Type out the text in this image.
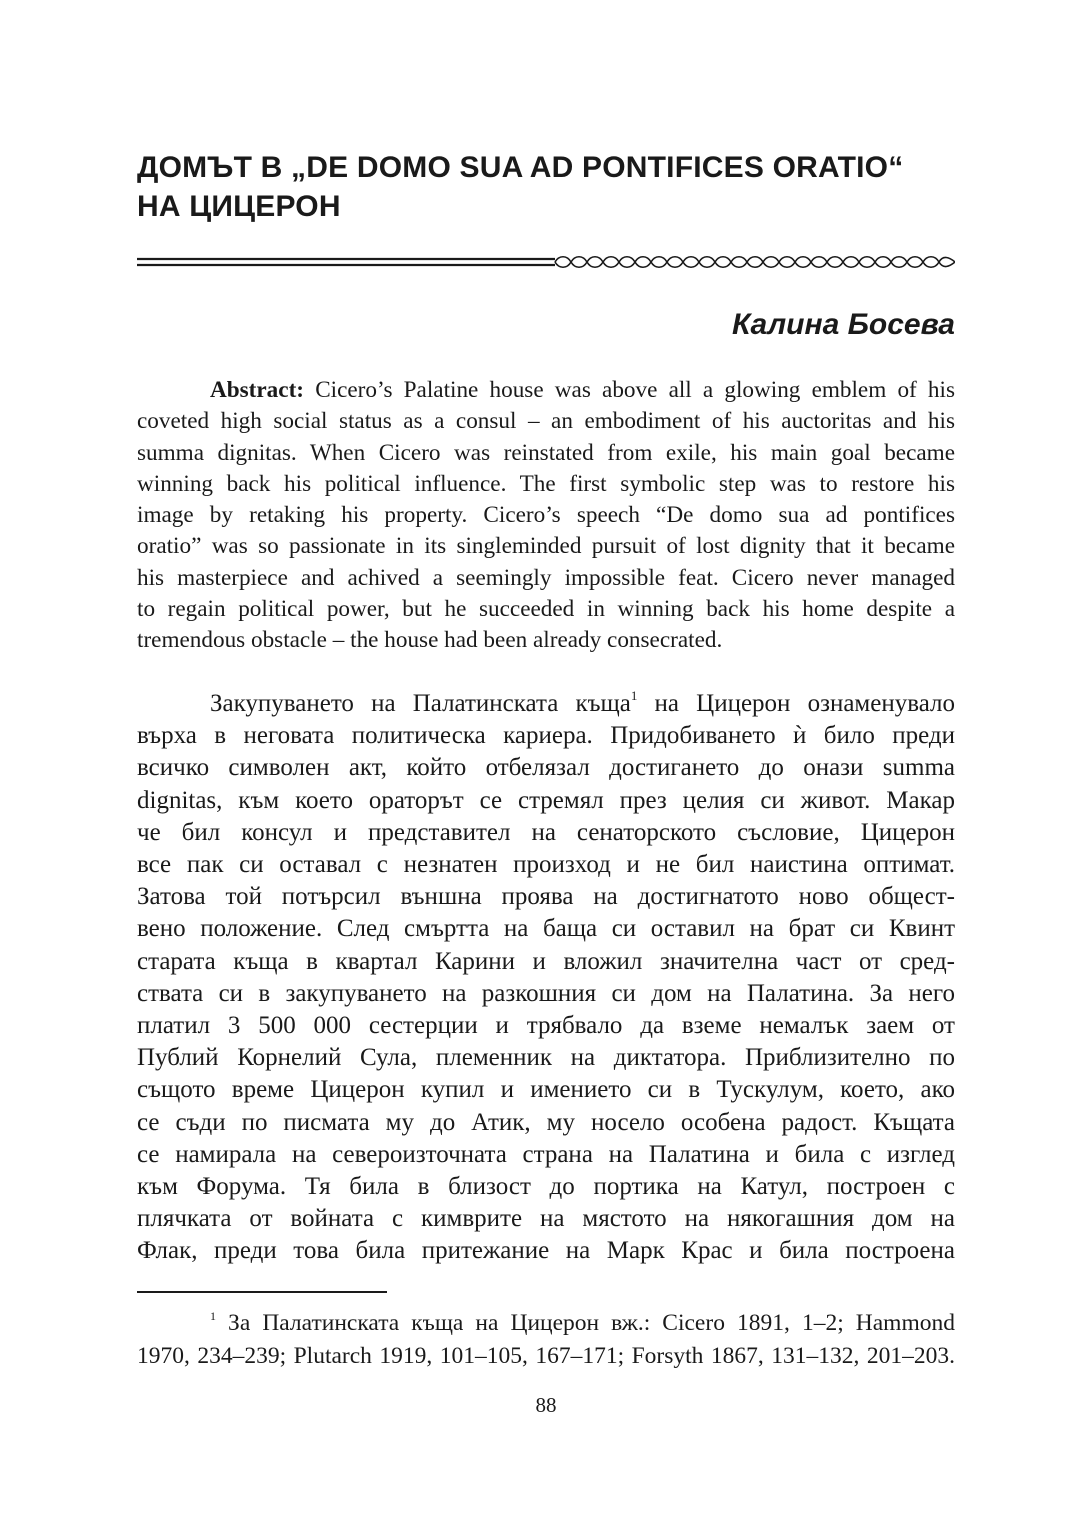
ДОМЪТ В „DE DOMO SUA AD PONTIFICES ORATIO“
НА ЦИЦЕРОН
Калина Босева
Abstract: Cicero’s Palatine house was above all a glowing emblem of his
coveted high social status as a consul – an embodiment of his auctoritas and his
summa dignitas. When Cicero was reinstated from exile, his main goal became
winning back his political influence. The first symbolic step was to restore his
image by retaking his property. Cicero’s speech “De domo sua ad pontifices
oratio” was so passionate in its singleminded pursuit of lost dignity that it became
his masterpiece and achived a seemingly impossible feat. Cicero never managed
to regain political power, but he succeeded in winning back his home despite a
tremendous obstacle – the house had been already consecrated.
Закупуването на Палатинската къща$^1$ на Цицерон ознаменувало
върха в неговата политическа кариера. Придобиването ѝ било преди
всичко символен акт, който отбелязал достигането до онази summa
dignitas, към което ораторът се стремял през целия си живот. Макар
че бил консул и представител на сенаторското съсловие, Цицерон
все пак си оставал с незнатен произход и не бил наистина оптимат.
Затова той потърсил външна проява на достигнатото ново общест-
вено положение. След смъртта на баща си оставил на брат си Квинт
старата къща в квартал Карини и вложил значителна част от сред-
ствата си в закупуването на разкошния си дом на Палатина. За него
платил 3 500 000 сестерции и трябвало да вземе немалък заем от
Публий Корнелий Сула, племенник на диктатора. Приблизително по
същото време Цицерон купил и имението си в Тускулум, което, ако
се съди по писмата му до Атик, му носело особена радост. Къщата
се намирала на североизточната страна на Палатина и била с изглед
към Форума. Тя била в близост до портика на Катул, построен с
плячката от войната с кимврите на мястото на някогашния дом на
Флак, преди това била притежание на Марк Крас и била построена
$^1$ За Палатинската къща на Цицерон вж.: Cicero 1891, 1–2; Hammond
1970, 234–239; Plutarch 1919, 101–105, 167–171; Forsyth 1867, 131–132, 201–203.
88
